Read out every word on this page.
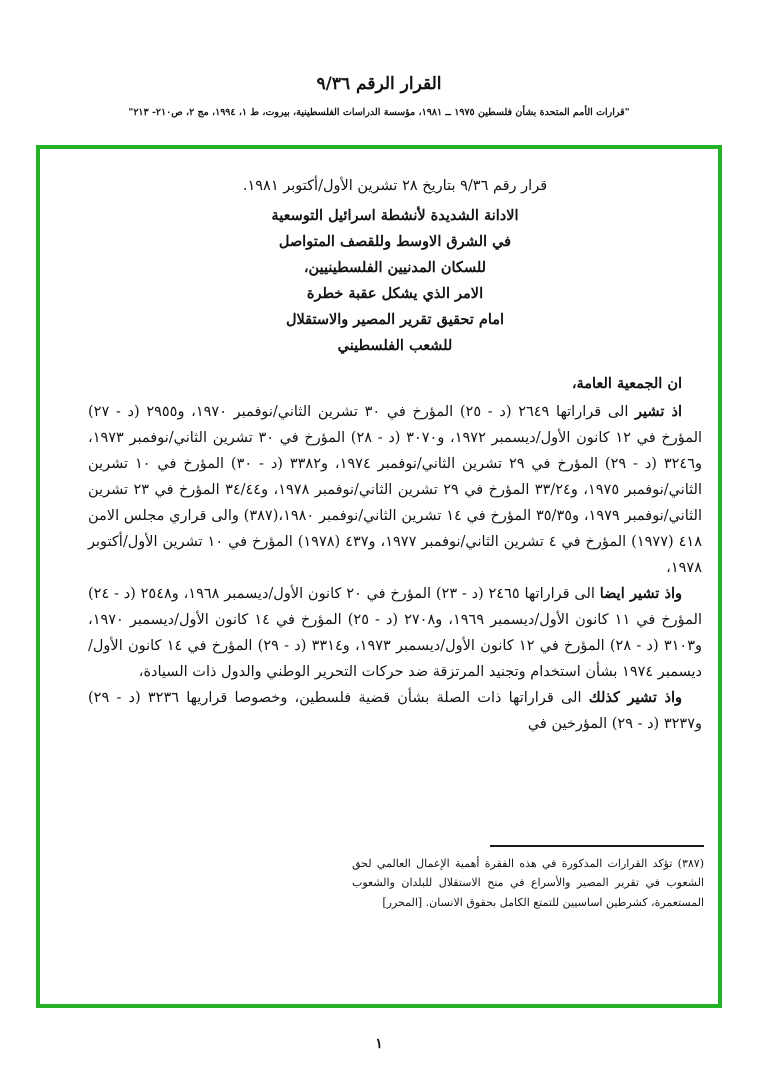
القرار الرقم ٩/٣٦
"قرارات الأمم المتحدة بشأن فلسطين ١٩٧٥ ــ ١٩٨١، مؤسسة الدراسات الفلسطينية، بيروت، ط ١، ١٩٩٤، مج ٢، ص٢١٠- ٢١٣"
قرار رقم ٩/٣٦ بتاريخ ٢٨ تشرين الأول/أكتوبر ١٩٨١.
الادانة الشديدة لأنشطة اسرائيل التوسعية
في الشرق الاوسط وللقصف المتواصل
للسكان المدنيين الفلسطينيين،
الامر الذي يشكل عقبة خطرة
امام تحقيق تقرير المصير والاستقلال
للشعب الفلسطيني
ان الجمعية العامة،

اذ تشير الى قراراتها ٢٦٤٩ (د - ٢٥) المؤرخ في ٣٠ تشرين الثاني/نوفمبر ١٩٧٠، و٢٩٥٥ (د - ٢٧) المؤرخ في ١٢ كانون الأول/ديسمبر ١٩٧٢، و٣٠٧٠ (د - ٢٨) المؤرخ في ٣٠ تشرين الثاني/نوفمبر ١٩٧٣، و٣٢٤٦ (د - ٢٩) المؤرخ في ٢٩ تشرين الثاني/نوفمبر ١٩٧٤، و٣٣٨٢ (د - ٣٠) المؤرخ في ١٠ تشرين الثاني/نوفمبر ١٩٧٥، و٣٣/٢٤ المؤرخ في ٢٩ تشرين الثاني/نوفمبر ١٩٧٨، و٣٤/٤٤ المؤرخ في ٢٣ تشرين الثاني/نوفمبر ١٩٧٩، و٣٥/٣٥ المؤرخ في ١٤ تشرين الثاني/نوفمبر ١٩٨٠،(٣٨٧) والى قراري مجلس الامن ٤١٨ (١٩٧٧) المؤرخ في ٤ تشرين الثاني/نوفمبر ١٩٧٧، و٤٣٧ (١٩٧٨) المؤرخ في ١٠ تشرين الأول/أكتوبر ١٩٧٨،

واذ تشير ايضا الى قراراتها ٢٤٦٥ (د - ٢٣) المؤرخ في ٢٠ كانون الأول/ديسمبر ١٩٦٨، و٢٥٤٨ (د - ٢٤) المؤرخ في ١١ كانون الأول/ديسمبر ١٩٦٩، و٢٧٠٨ (د - ٢٥) المؤرخ في ١٤ كانون الأول/ديسمبر ١٩٧٠، و٣١٠٣ (د - ٢٨) المؤرخ في ١٢ كانون الأول/ديسمبر ١٩٧٣، و٣٣١٤ (د - ٢٩) المؤرخ في ١٤ كانون الأول/ديسمبر ١٩٧٤ بشأن استخدام وتجنيد المرتزقة ضد حركات التحرير الوطني والدول ذات السيادة،

واذ تشير كذلك الى قراراتها ذات الصلة بشأن قضية فلسطين، وخصوصا قراريها ٣٢٣٦ (د - ٢٩) و٣٢٣٧ (د - ٢٩) المؤرخين في

(٣٨٧) تؤكد القرارات المذكورة في هذه الفقرة أهمية الإعمال العالمي لحق الشعوب في تقرير المصير والأسراع في منح الاستقلال للبلدان والشعوب المستعمرة، كشرطين اساسيين للتمتع الكامل بحقوق الانسان. [المحرر]
١
